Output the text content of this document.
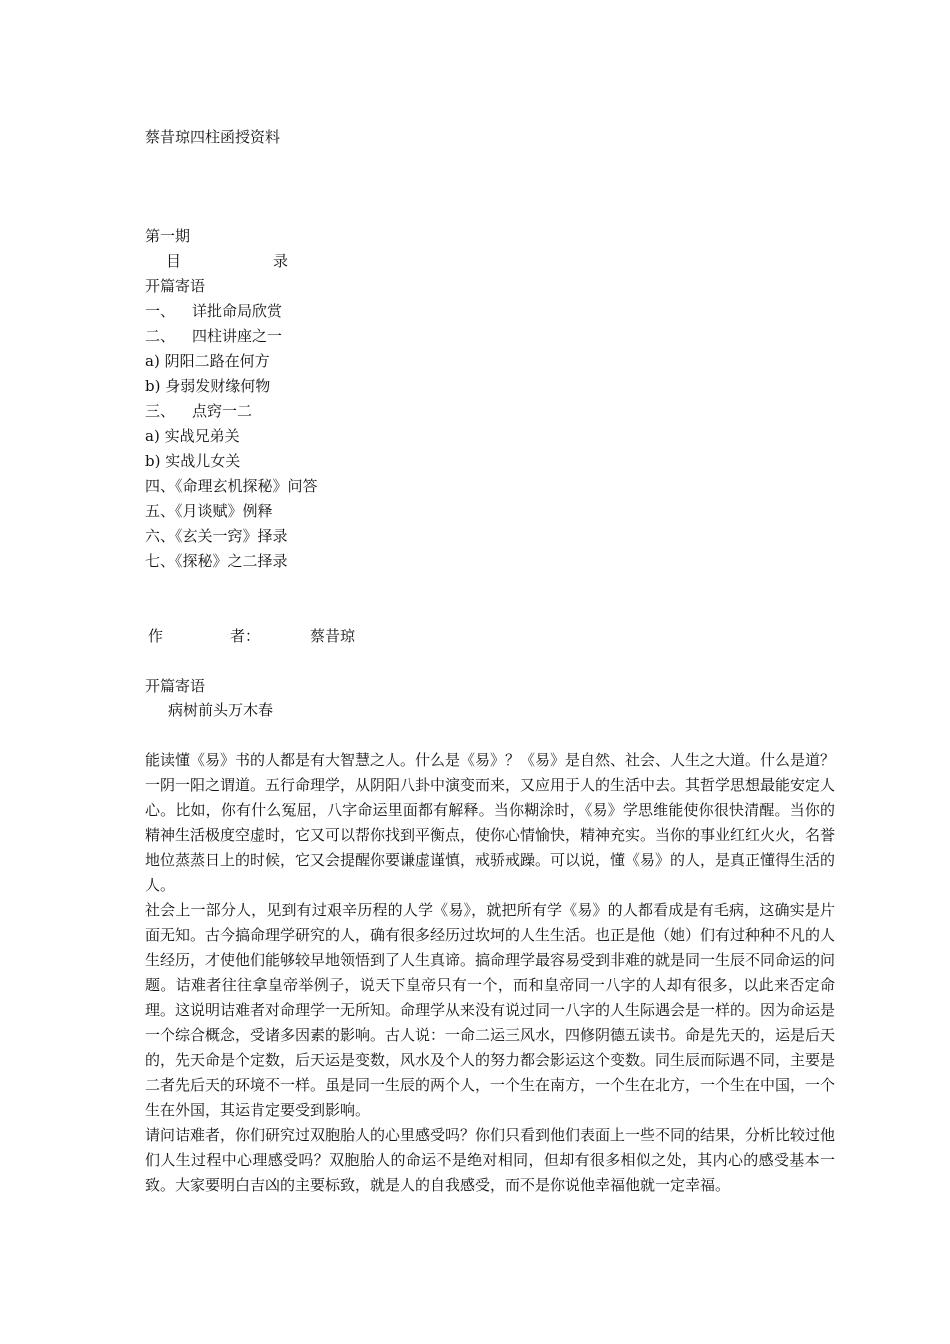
蔡昔琼四柱函授资料
第一期
目	录
开篇寄语
一、 详批命局欣赏
二、 四柱讲座之一
a) 阴阳二路在何方
b) 身弱发财缘何物
三、 点窍一二
a) 实战兄弟关
b) 实战儿女关
四、《命理玄机探秘》问答
五、《月谈赋》例释
六、《玄关一窍》择录
七、《探秘》之二择录
作	者：	蔡昔琼
开篇寄语
病树前头万木春

能读懂《易》书的人都是有大智慧之人。什么是《易》？《易》是自然、社会、人生之大道。什么是道？一阴一阳之谓道。五行命理学，从阴阳八卦中演变而来，又应用于人的生活中去。其哲学思想最能安定人心。比如，你有什么冤屈，八字命运里面都有解释。当你糊涂时，《易》学思维能使你很快清醒。当你的精神生活极度空虚时，它又可以帮你找到平衡点，使你心情愉快，精神充实。当你的事业红红火火，名誉地位蒸蒸日上的时候，它又会提醒你要谦虚谨慎，戒骄戒躁。可以说，懂《易》的人，是真正懂得生活的人。

社会上一部分人，见到有过艰辛历程的人学《易》，就把所有学《易》的人都看成是有毛病，这确实是片面无知。古今搞命理学研究的人，确有很多经历过坎坷的人生生活。也正是他（她）们有过种种不凡的人生经历，才使他们能够较早地领悟到了人生真谛。搞命理学最容易受到非难的就是同一生辰不同命运的问题。诘难者往往拿皇帝举例子，说天下皇帝只有一个，而和皇帝同一八字的人却有很多，以此来否定命理。这说明诘难者对命理学一无所知。命理学从来没有说过同一八字的人生际遇会是一样的。因为命运是一个综合概念，受诸多因素的影响。古人说：一命二运三风水，四修阴德五读书。命是先天的，运是后天的，先天命是个定数，后天运是变数，风水及个人的努力都会影运这个变数。同生辰而际遇不同，主要是二者先后天的环境不一样。虽是同一生辰的两个人，一个生在南方，一个生在北方，一个生在中国，一个生在外国，其运肯定要受到影响。

请问诘难者，你们研究过双胞胎人的心里感受吗？你们只看到他们表面上一些不同的结果，分析比较过他们人生过程中心理感受吗？双胞胎人的命运不是绝对相同，但却有很多相似之处，其内心的感受基本一致。大家要明白吉凶的主要标致，就是人的自我感受，而不是你说他幸福他就一定幸福。
